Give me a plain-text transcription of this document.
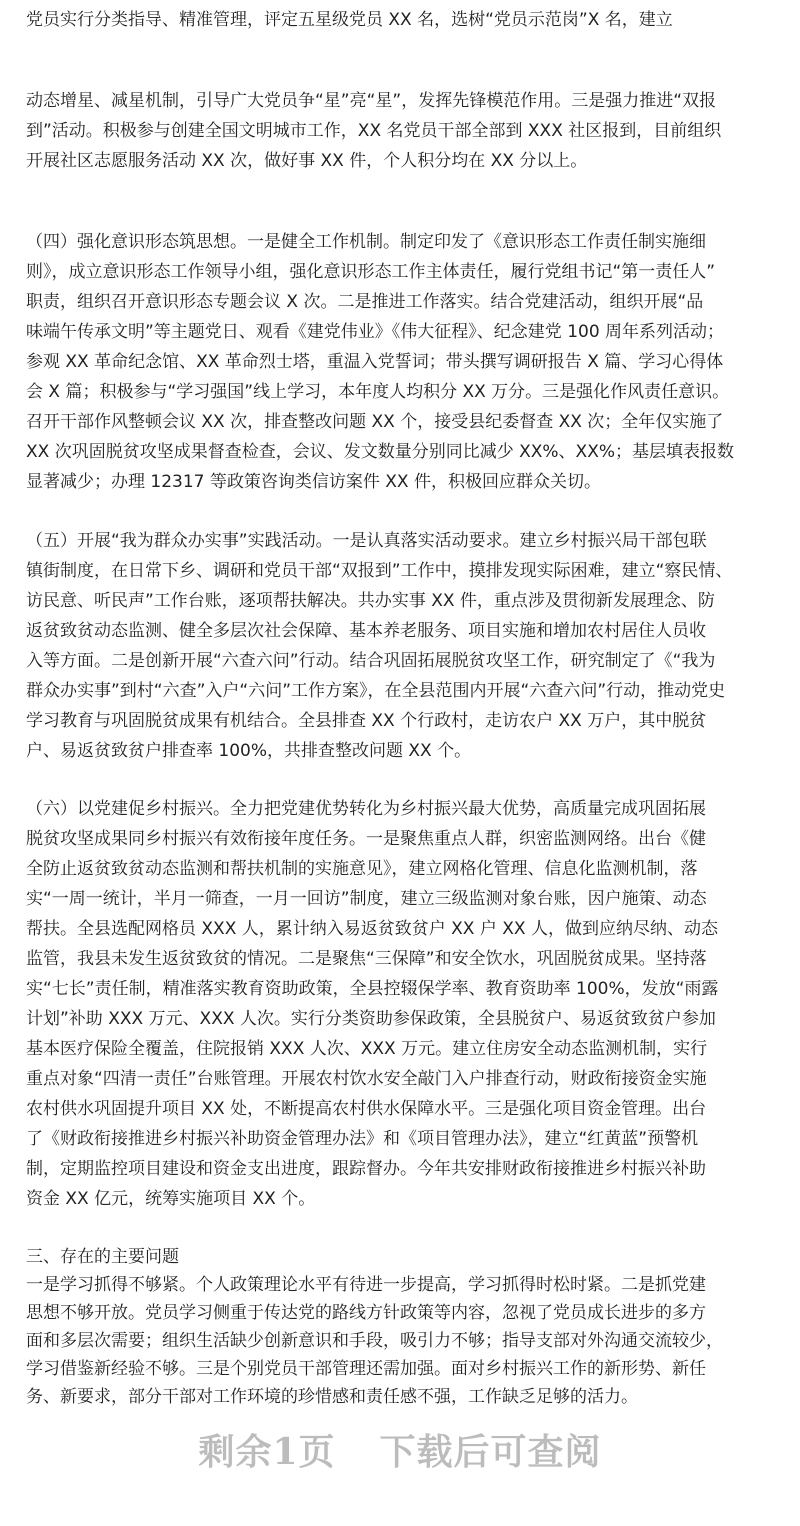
党员实行分类指导、精准管理，评定五星级党员 XX 名，选树“党员示范岗”X 名，建立
动态增星、减星机制，引导广大党员争“星”亮“星”，发挥先锋模范作用。三是强力推进“双报
到”活动。积极参与创建全国文明城市工作，XX 名党员干部全部到 XXX 社区报到，目前组织
开展社区志愿服务活动 XX 次，做好事 XX 件，个人积分均在 XX 分以上。
（四）强化意识形态筑思想。一是健全工作机制。制定印发了《意识形态工作责任制实施细
则》，成立意识形态工作领导小组，强化意识形态工作主体责任，履行党组书记“第一责任人”
职责，组织召开意识形态专题会议 X 次。二是推进工作落实。结合党建活动，组织开展“品
味端午传承文明”等主题党日、观看《建党伟业》《伟大征程》、纪念建党 100 周年系列活动；
参观 XX 革命纪念馆、XX 革命烈士塔，重温入党誓词；带头撰写调研报告 X 篇、学习心得体
会 X 篇；积极参与“学习强国”线上学习，本年度人均积分 XX 万分。三是强化作风责任意识。
召开干部作风整顿会议 XX 次，排查整改问题 XX 个，接受县纪委督查 XX 次；全年仅实施了
XX 次巩固脱贫攻坚成果督查检查，会议、发文数量分别同比减少 XX%、XX%；基层填表报数
显著减少；办理 12317 等政策咨询类信访案件 XX 件，积极回应群众关切。
（五）开展“我为群众办实事”实践活动。一是认真落实活动要求。建立乡村振兴局干部包联
镇街制度，在日常下乡、调研和党员干部“双报到”工作中，摸排发现实际困难，建立“察民情、
访民意、听民声”工作台账，逐项帮扶解决。共办实事 XX 件，重点涉及贯彻新发展理念、防
返贫致贫动态监测、健全多层次社会保障、基本养老服务、项目实施和增加农村居住人员收
入等方面。二是创新开展“六查六问”行动。结合巩固拓展脱贫攻坚工作，研究制定了《“我为
群众办实事”到村“六查”入户“六问”工作方案》，在全县范围内开展“六查六问”行动，推动党史
学习教育与巩固脱贫成果有机结合。全县排查 XX 个行政村，走访农户 XX 万户，其中脱贫
户、易返贫致贫户排查率 100%，共排查整改问题 XX 个。
（六）以党建促乡村振兴。全力把党建优势转化为乡村振兴最大优势，高质量完成巩固拓展
脱贫攻坚成果同乡村振兴有效衔接年度任务。一是聚焦重点人群，织密监测网络。出台《健
全防止返贫致贫动态监测和帮扶机制的实施意见》，建立网格化管理、信息化监测机制，落
实“一周一统计，半月一筛查，一月一回访”制度，建立三级监测对象台账，因户施策、动态
帮扶。全县选配网格员 XXX 人，累计纳入易返贫致贫户 XX 户 XX 人，做到应纳尽纳、动态
监管，我县未发生返贫致贫的情况。二是聚焦“三保障”和安全饮水，巩固脱贫成果。坚持落
实“七长”责任制，精准落实教育资助政策，全县控辍保学率、教育资助率 100%，发放“雨露
计划”补助 XXX 万元、XXX 人次。实行分类资助参保政策，全县脱贫户、易返贫致贫户参加
基本医疗保险全覆盖，住院报销 XXX 人次、XXX 万元。建立住房安全动态监测机制，实行
重点对象“四清一责任”台账管理。开展农村饮水安全敲门入户排查行动，财政衔接资金实施
农村供水巩固提升项目 XX 处，不断提高农村供水保障水平。三是强化项目资金管理。出台
了《财政衔接推进乡村振兴补助资金管理办法》和《项目管理办法》，建立“红黄蓝”预警机
制，定期监控项目建设和资金支出进度，跟踪督办。今年共安排财政衔接推进乡村振兴补助
资金 XX 亿元，统筹实施项目 XX 个。
三、存在的主要问题
一是学习抓得不够紧。个人政策理论水平有待进一步提高，学习抓得时松时紧。二是抓党建
思想不够开放。党员学习侧重于传达党的路线方针政策等内容，忽视了党员成长进步的多方
面和多层次需要；组织生活缺少创新意识和手段，吸引力不够；指导支部对外沟通交流较少，
学习借鉴新经验不够。三是个别党员干部管理还需加强。面对乡村振兴工作的新形势、新任
务、新要求，部分干部对工作环境的珍惜感和责任感不强，工作缺乏足够的活力。
剩余1页 下载后可查阅
